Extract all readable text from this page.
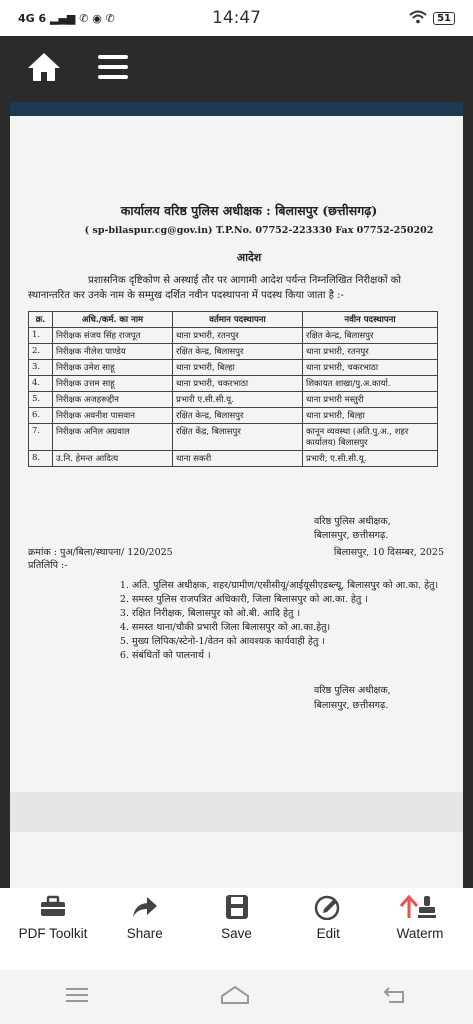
4G 6 ▂▄▆ ✆ ◉ ✆	14:47	51
कार्यालय वरिष्ठ पुलिस अधीक्षक : बिलासपुर (छत्तीसगढ़)
( sp-bilaspur.cg@gov.in) T.P.No. 07752-223330 Fax 07752-250202
आदेश
प्रशासनिक दृष्टिकोण से अस्थाई तौर पर आगामी आदेश पर्यन्त निम्नलिखित निरीक्षकों को स्थानान्तरित कर उनके नाम के सम्मुख दर्शित नवीन पदस्थापना में पदस्थ किया जाता है :-
क्र.	अधि./कर्म. का नाम	वर्तमान पदस्थापना	नवीन पदस्थापना
1.	निरीक्षक संजय सिंह राजपूत	थाना प्रभारी, रतनपुर	रक्षित केन्द्र, बिलासपुर
2.	निरीक्षक नीलेश पाण्डेय	रक्षित केन्द्र, बिलासपुर	थाना प्रभारी, रतनपुर
3.	निरीक्षक उमेश साहू	थाना प्रभारी, बिल्हा	थाना प्रभारी, चकरभाठा
4.	निरीक्षक उत्तम साहू	थाना प्रभारी, चकरभाठा	शिकायत शाखा/पु.अ.कार्या.
5.	निरीक्षक अजहरूद्दीन	प्रभारी ए.सी.सी.यू.	थाना प्रभारी मस्तुरी
6.	निरीक्षक अवनीश पासवान	रक्षित केन्द्र, बिलासपुर	थाना प्रभारी, बिल्हा
7.	निरीक्षक अनिल अग्रवाल	रक्षित केंद्र, बिलासपुर	कानून व्यवस्था (अति.पु.अ., शहर कार्यालय) बिलासपुर
8.	उ.नि. हेमन्त आदित्य	थाना सकरी	प्रभारी, ए.सी.सी.यू.
वरिष्ठ पुलिस अधीक्षक,
बिलासपुर, छत्तीसगढ़.
क्रमांक : पुअ/बिला/स्थापना/ 120/2025	बिलासपुर, 10 दिसम्बर, 2025
प्रतिलिपि :-
1. अति. पुलिस अधीक्षक, शहर/ग्रामीण/एसीसीयू/आईयूसीएडब्ल्यू, बिलासपुर को आ.का. हेतु।
2. समस्त पुलिस राजपत्रित अधिकारी, जिला बिलासपुर को आ.का. हेतु ।
3. रक्षित निरीक्षक, बिलासपुर को ओ.बी. आदि हेतु ।
4. समस्त थाना/चौकी प्रभारी जिला बिलासपुर को आ.का.हेतु।
5. मुख्य लिपिक/स्टेनो-1/वेतन को आवश्यक कार्यवाही हेतु ।
6. संबंधितों को पालनार्थ ।
वरिष्ठ पुलिस अधीक्षक,
बिलासपुर, छत्तीसगढ़.
PDF Toolkit	Share	Save	Edit	Waterm
